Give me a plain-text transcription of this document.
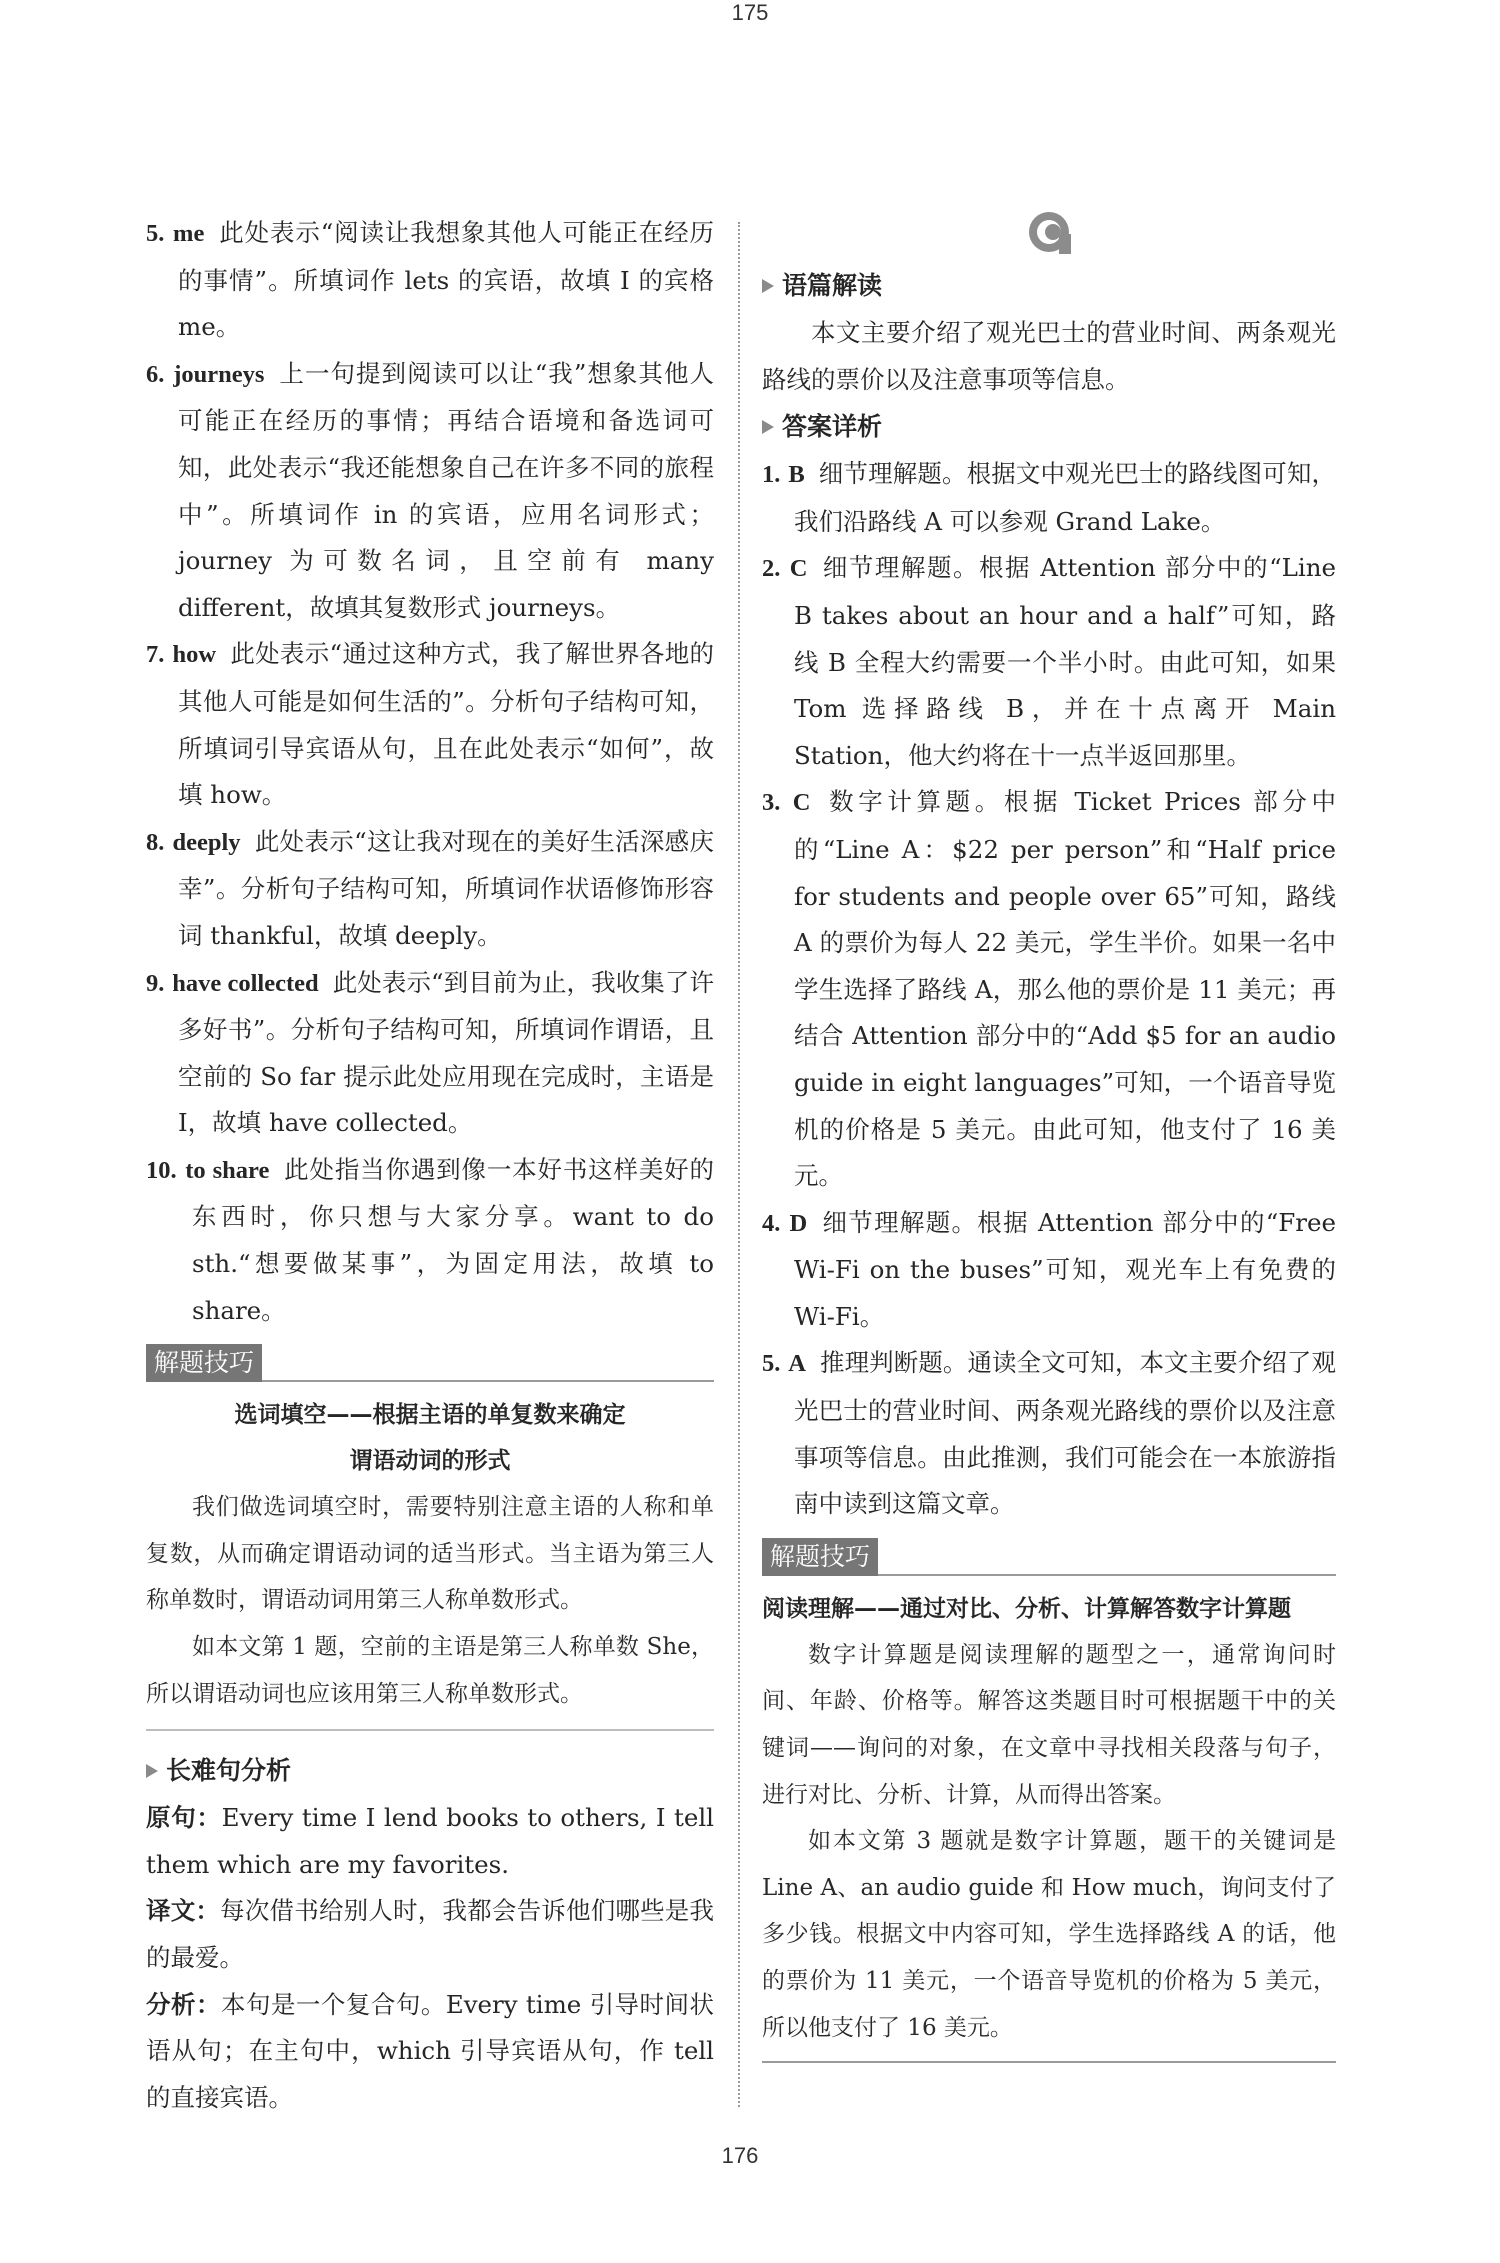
175
5. me 此处表示“阅读让我想象其他人可能正在经历的事情”。所填词作 lets 的宾语，故填 I 的宾格 me。
6. journeys 上一句提到阅读可以让“我”想象其他人可能正在经历的事情；再结合语境和备选词可知，此处表示“我还能想象自己在许多不同的旅程中”。所填词作 in 的宾语，应用名词形式；journey 为可数名词，且空前有 many different，故填其复数形式 journeys。
7. how 此处表示“通过这种方式，我了解世界各地的其他人可能是如何生活的”。分析句子结构可知，所填词引导宾语从句，且在此处表示“如何”，故填 how。
8. deeply 此处表示“这让我对现在的美好生活深感庆幸”。分析句子结构可知，所填词作状语修饰形容词 thankful，故填 deeply。
9. have collected 此处表示“到目前为止，我收集了许多好书”。分析句子结构可知，所填词作谓语，且空前的 So far 提示此处应用现在完成时，主语是 I，故填 have collected。
10. to share 此处指当你遇到像一本好书这样美好的东西时，你只想与大家分享。want to do sth.“想要做某事”，为固定用法，故填 to share。
解题技巧

选词填空——根据主语的单复数来确定

谓语动词的形式

我们做选词填空时，需要特别注意主语的人称和单复数，从而确定谓语动词的适当形式。当主语为第三人称单数时，谓语动词用第三人称单数形式。

如本文第 1 题，空前的主语是第三人称单数 She，所以谓语动词也应该用第三人称单数形式。

长难句分析

原句：Every time I lend books to others, I tell them which are my favorites.

译文：每次借书给别人时，我都会告诉他们哪些是我的最爱。

分析：本句是一个复合句。Every time 引导时间状语从句；在主句中，which 引导宾语从句，作 tell 的直接宾语。

语篇解读

本文主要介绍了观光巴士的营业时间、两条观光路线的票价以及注意事项等信息。

答案详析
1. B 细节理解题。根据文中观光巴士的路线图可知，我们沿路线 A 可以参观 Grand Lake。
2. C 细节理解题。根据 Attention 部分中的“Line B takes about an hour and a half”可知，路线 B 全程大约需要一个半小时。由此可知，如果 Tom 选择路线 B，并在十点离开 Main Station，他大约将在十一点半返回那里。
3. C 数字计算题。根据 Ticket Prices 部分中的“Line A：$22 per person”和“Half price for students and people over 65”可知，路线 A 的票价为每人 22 美元，学生半价。如果一名中学生选择了路线 A，那么他的票价是 11 美元；再结合 Attention 部分中的“Add $5 for an audio guide in eight languages”可知，一个语音导览机的价格是 5 美元。由此可知，他支付了 16 美元。
4. D 细节理解题。根据 Attention 部分中的“Free Wi-Fi on the buses”可知，观光车上有免费的 Wi-Fi。
5. A 推理判断题。通读全文可知，本文主要介绍了观光巴士的营业时间、两条观光路线的票价以及注意事项等信息。由此推测，我们可能会在一本旅游指南中读到这篇文章。
解题技巧

阅读理解——通过对比、分析、计算解答数字计算题

数字计算题是阅读理解的题型之一，通常询问时间、年龄、价格等。解答这类题目时可根据题干中的关键词——询问的对象，在文章中寻找相关段落与句子，进行对比、分析、计算，从而得出答案。

如本文第 3 题就是数字计算题，题干的关键词是 Line A、an audio guide 和 How much，询问支付了多少钱。根据文中内容可知，学生选择路线 A 的话，他的票价为 11 美元，一个语音导览机的价格为 5 美元，所以他支付了 16 美元。

176
